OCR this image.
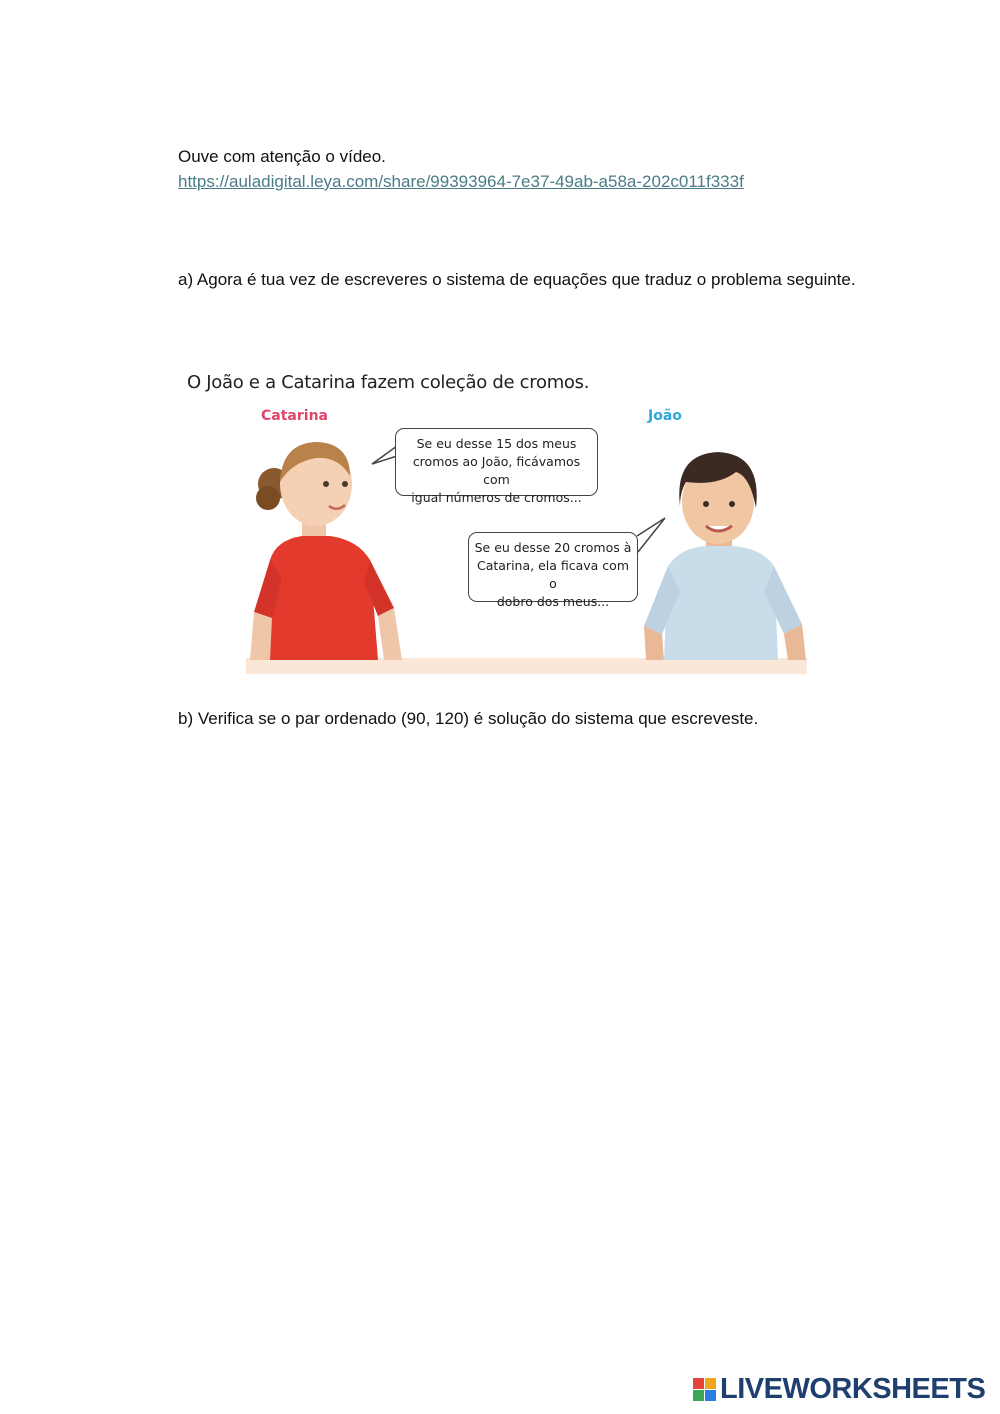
Ouve com atenção o vídeo.
https://auladigital.leya.com/share/99393964-7e37-49ab-a58a-202c011f333f
a) Agora é tua vez de escreveres o sistema de equações que traduz o problema seguinte.
O João e a Catarina fazem coleção de cromos.
Catarina	João
Se eu desse 15 dos meus
cromos ao João, ficávamos com
igual números de cromos...
Se eu desse 20 cromos à
Catarina, ela ficava com o
dobro dos meus...
b) Verifica se o par ordenado (90, 120) é solução do sistema que escreveste.
LIVEWORKSHEETS
